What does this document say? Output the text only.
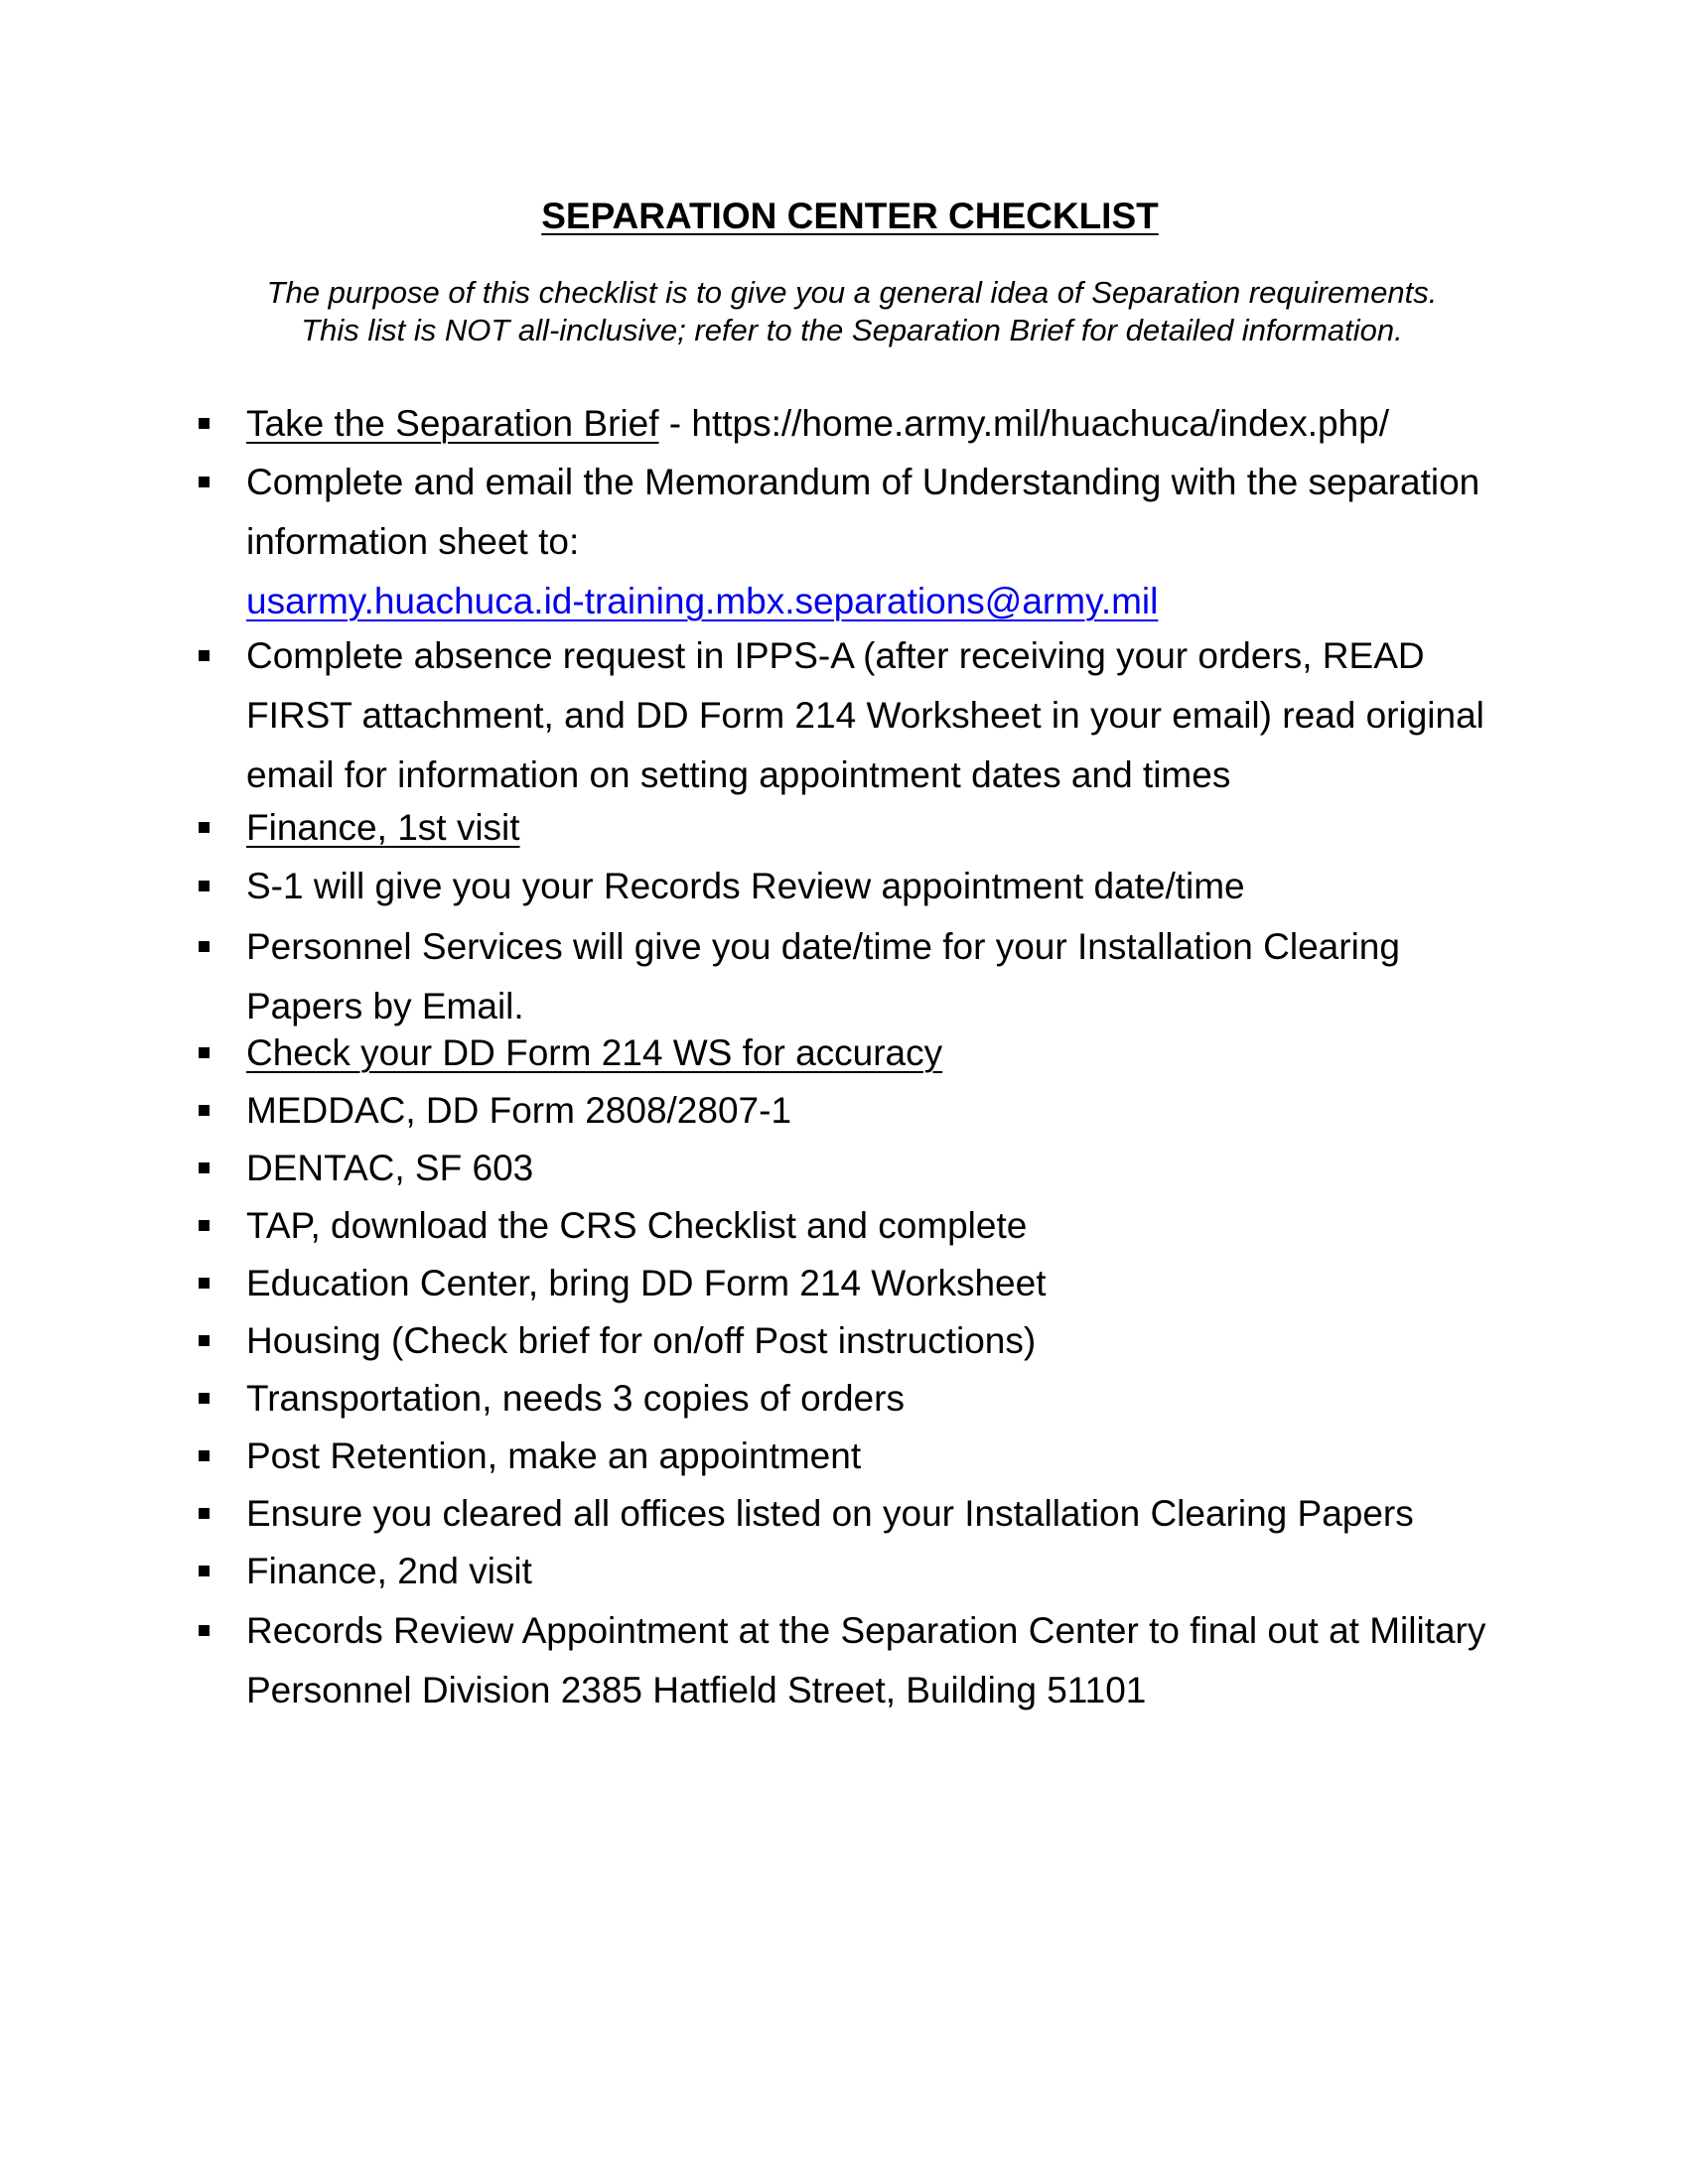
SEPARATION CENTER CHECKLIST
The purpose of this checklist is to give you a general idea of Separation requirements.
This list is NOT all-inclusive; refer to the Separation Brief for detailed information.
Take the Separation Brief - https://home.army.mil/huachuca/index.php/
Complete and email the Memorandum of Understanding with the separation
information sheet to:
usarmy.huachuca.id-training.mbx.separations@army.mil
Complete absence request in IPPS-A (after receiving your orders, READ
FIRST attachment, and DD Form 214 Worksheet in your email) read original
email for information on setting appointment dates and times
Finance, 1st visit
S-1 will give you your Records Review appointment date/time
Personnel Services will give you date/time for your Installation Clearing
Papers by Email.
Check your DD Form 214 WS for accuracy
MEDDAC, DD Form 2808/2807-1
DENTAC, SF 603
TAP, download the CRS Checklist and complete
Education Center, bring DD Form 214 Worksheet
Housing (Check brief for on/off Post instructions)
Transportation, needs 3 copies of orders
Post Retention, make an appointment
Ensure you cleared all offices listed on your Installation Clearing Papers
Finance, 2nd visit
Records Review Appointment at the Separation Center to final out at Military
Personnel Division 2385 Hatfield Street, Building 51101
